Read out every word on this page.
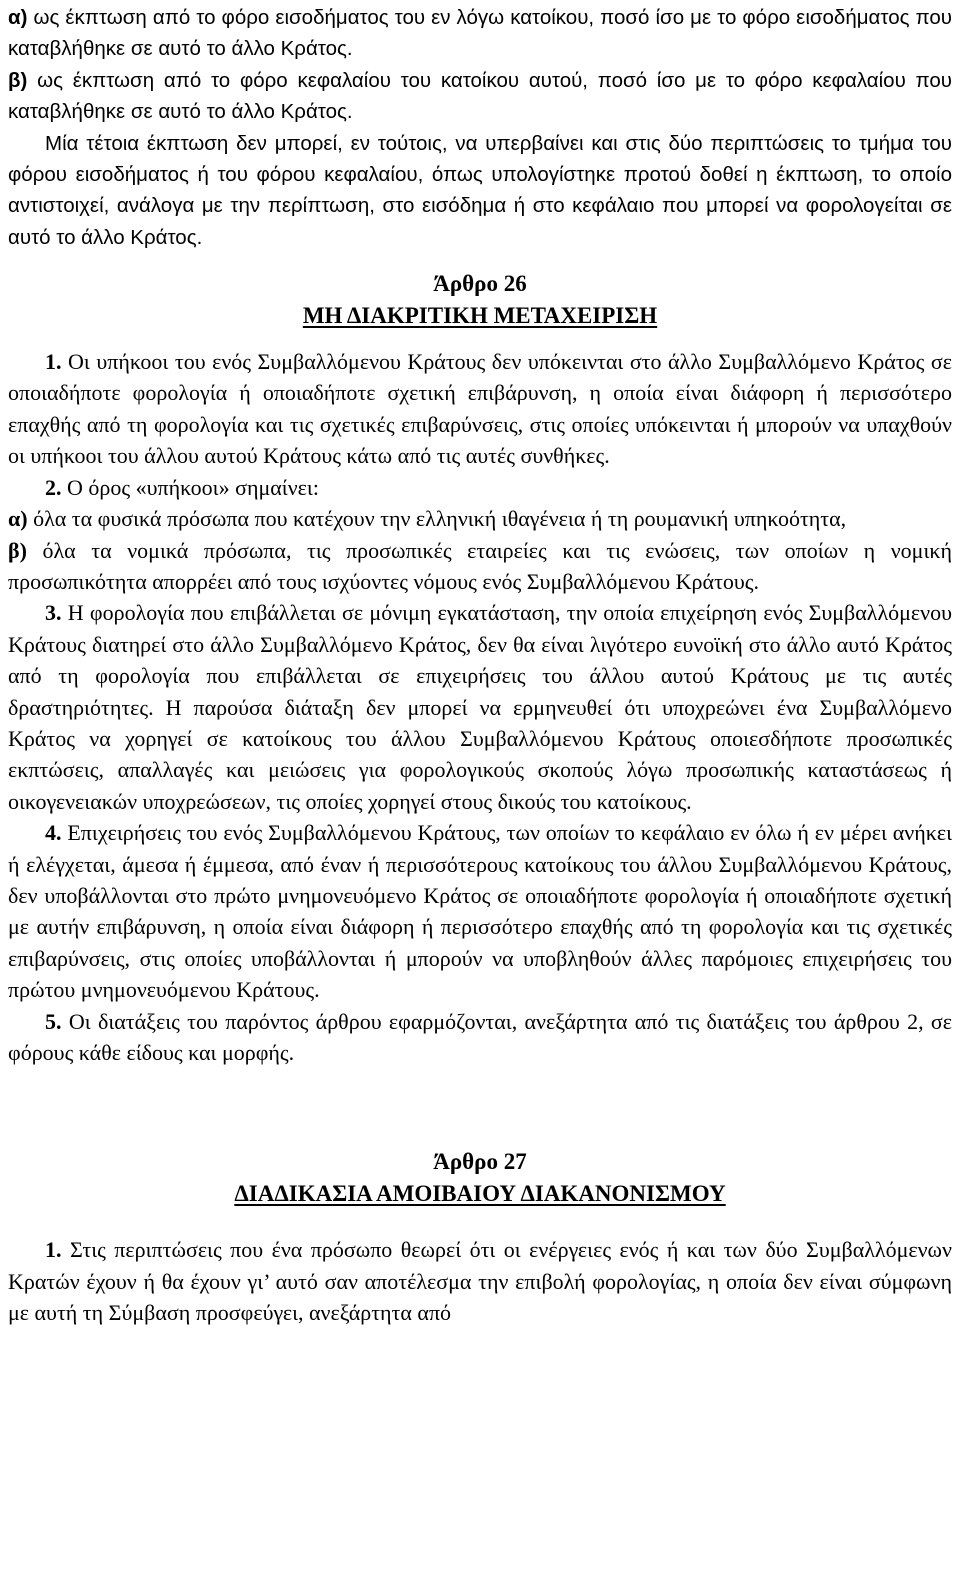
α) ως έκπτωση από το φόρο εισοδήματος του εν λόγω κατοίκου, ποσό ίσο με το φόρο εισοδήματος που καταβλήθηκε σε αυτό το άλλο Κράτος.

β) ως έκπτωση από το φόρο κεφαλαίου του κατοίκου αυτού, ποσό ίσο με το φόρο κεφαλαίου που καταβλήθηκε σε αυτό το άλλο Κράτος.

Μία τέτοια έκπτωση δεν μπορεί, εν τούτοις, να υπερβαίνει και στις δύο περιπτώσεις το τμήμα του φόρου εισοδήματος ή του φόρου κεφαλαίου, όπως υπολογίστηκε προτού δοθεί η έκπτωση, το οποίο αντιστοιχεί, ανάλογα με την περίπτωση, στο εισόδημα ή στο κεφάλαιο που μπορεί να φορολογείται σε αυτό το άλλο Κράτος.

Άρθρο 26
ΜΗ ΔΙΑΚΡΙΤΙΚΗ ΜΕΤΑΧΕΙΡΙΣΗ

1. Οι υπήκοοι του ενός Συμβαλλόμενου Κράτους δεν υπόκεινται στο άλλο Συμβαλλόμενο Κράτος σε οποιαδήποτε φορολογία ή οποιαδήποτε σχετική επιβάρυνση, η οποία είναι διάφορη ή περισσότερο επαχθής από τη φορολογία και τις σχετικές επιβαρύνσεις, στις οποίες υπόκεινται ή μπορούν να υπαχθούν οι υπήκοοι του άλλου αυτού Κράτους κάτω από τις αυτές συνθήκες.

2. Ο όρος «υπήκοοι» σημαίνει:

α) όλα τα φυσικά πρόσωπα που κατέχουν την ελληνική ιθαγένεια ή τη ρουμανική υπηκοότητα,

β) όλα τα νομικά πρόσωπα, τις προσωπικές εταιρείες και τις ενώσεις, των οποίων η νομική προσωπικότητα απορρέει από τους ισχύοντες νόμους ενός Συμβαλλόμενου Κράτους.

3. Η φορολογία που επιβάλλεται σε μόνιμη εγκατάσταση, την οποία επιχείρηση ενός Συμβαλλόμενου Κράτους διατηρεί στο άλλο Συμβαλλόμενο Κράτος, δεν θα είναι λιγότερο ευνοϊκή στο άλλο αυτό Κράτος από τη φορολογία που επιβάλλεται σε επιχειρήσεις του άλλου αυτού Κράτους με τις αυτές δραστηριότητες. Η παρούσα διάταξη δεν μπορεί να ερμηνευθεί ότι υποχρεώνει ένα Συμβαλλόμενο Κράτος να χορηγεί σε κατοίκους του άλλου Συμβαλλόμενου Κράτους οποιεσδήποτε προσωπικές εκπτώσεις, απαλλαγές και μειώσεις για φορολογικούς σκοπούς λόγω προσωπικής καταστάσεως ή οικογενειακών υποχρεώσεων, τις οποίες χορηγεί στους δικούς του κατοίκους.

4. Επιχειρήσεις του ενός Συμβαλλόμενου Κράτους, των οποίων το κεφάλαιο εν όλω ή εν μέρει ανήκει ή ελέγχεται, άμεσα ή έμμεσα, από έναν ή περισσότερους κατοίκους του άλλου Συμβαλλόμενου Κράτους, δεν υποβάλλονται στο πρώτο μνημονευόμενο Κράτος σε οποιαδήποτε φορολογία ή οποιαδήποτε σχετική με αυτήν επιβάρυνση, η οποία είναι διάφορη ή περισσότερο επαχθής από τη φορολογία και τις σχετικές επιβαρύνσεις, στις οποίες υποβάλλονται ή μπορούν να υποβληθούν άλλες παρόμοιες επιχειρήσεις του πρώτου μνημονευόμενου Κράτους.

5. Οι διατάξεις του παρόντος άρθρου εφαρμόζονται, ανεξάρτητα από τις διατάξεις του άρθρου 2, σε φόρους κάθε είδους και μορφής.

Άρθρο 27
ΔΙΑΔΙΚΑΣΙΑ ΑΜΟΙΒΑΙΟΥ ΔΙΑΚΑΝΟΝΙΣΜΟΥ

1. Στις περιπτώσεις που ένα πρόσωπο θεωρεί ότι οι ενέργειες ενός ή και των δύο Συμβαλλόμενων Κρατών έχουν ή θα έχουν γι’ αυτό σαν αποτέλεσμα την επιβολή φορολογίας, η οποία δεν είναι σύμφωνη με αυτή τη Σύμβαση προσφεύγει, ανεξάρτητα από
